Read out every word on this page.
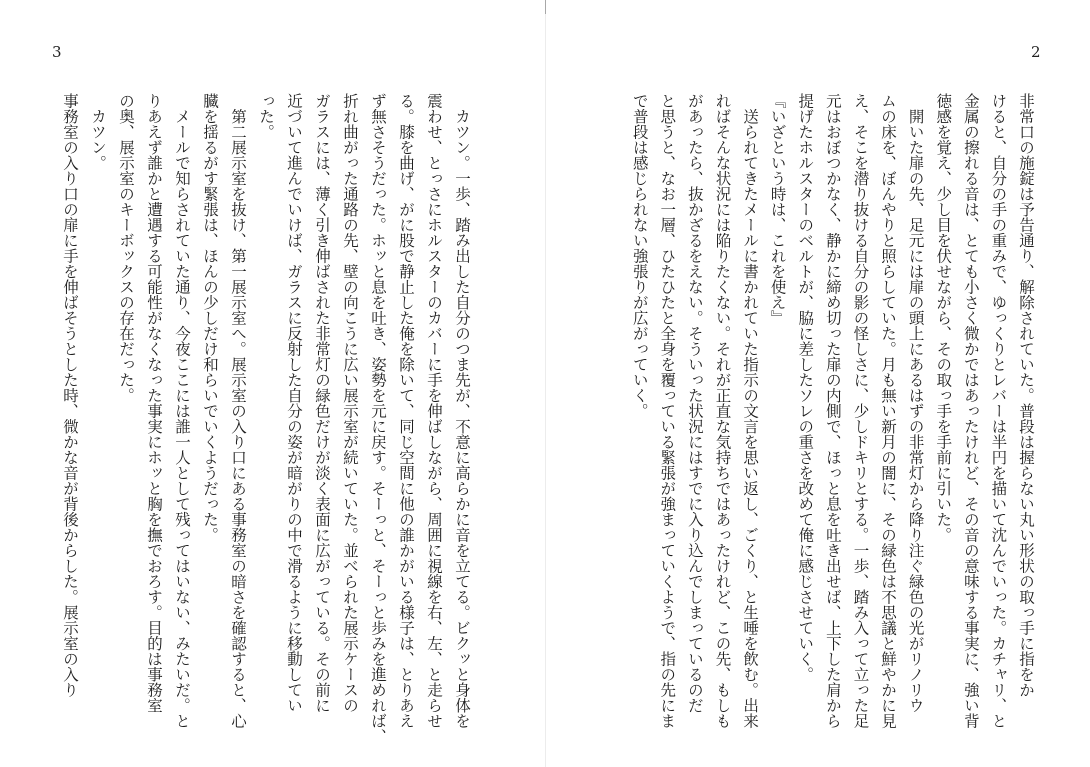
3
　カツン。一歩、踏み出した自分のつま先が、不意に高らかに音を立てる。ビクッと身体を
震わせ、とっさにホルスターのカバーに手を伸ばしながら、周囲に視線を右、左、と走らせ
る。膝を曲げ、がに股で静止した俺を除いて、同じ空間に他の誰かがいる様子は、とりあえ
ず無さそうだった。ホッと息を吐き、姿勢を元に戻す。そーっと、そーっと歩みを進めれば、
折れ曲がった通路の先、壁の向こうに広い展示室が続いていた。並べられた展示ケースの
ガラスには、薄く引き伸ばされた非常灯の緑色だけが淡く表面に広がっている。その前に
近づいて進んでいけば、ガラスに反射した自分の姿が暗がりの中で滑るように移動してい
った。
　第二展示室を抜け、第一展示室へ。展示室の入り口にある事務室の暗さを確認すると、心
臓を揺るがす緊張は、ほんの少しだけ和らいでいくようだった。
　メールで知らされていた通り、今夜ここには誰一人として残ってはいない、みたいだ。と
りあえず誰かと遭遇する可能性がなくなった事実にホッと胸を撫でおろす。目的は事務室
の奥、展示室のキーボックスの存在だった。
　カツン。
事務室の入り口の扉に手を伸ばそうとした時、微かな音が背後からした。展示室の入り
2
非常口の施錠は予告通り、解除されていた。普段は握らない丸い形状の取っ手に指をか
けると、自分の手の重みで、ゆっくりとレバーは半円を描いて沈んでいった。カチャリ、と
金属の擦れる音は、とても小さく微かではあったけれど、その音の意味する事実に、強い背
徳感を覚え、少し目を伏せながら、その取っ手を手前に引いた。
　開いた扉の先、足元には扉の頭上にあるはずの非常灯から降り注ぐ緑色の光がリノリウ
ムの床を、ぼんやりと照らしていた。月も無い新月の闇に、その緑色は不思議と鮮やかに見
え、そこを潜り抜ける自分の影の怪しさに、少しドキリとする。一歩、踏み入って立った足
元はおぼつかなく、静かに締め切った扉の内側で、ほっと息を吐き出せば、上下した肩から
提げたホルスターのベルトが、脇に差したソレの重さを改めて俺に感じさせていく。
『いざという時は、これを使え』
　送られてきたメールに書かれていた指示の文言を思い返し、ごくり、と生唾を飲む。出来
ればそんな状況には陥りたくない。それが正直な気持ちではあったけれど、この先、もしも
があったら、抜かざるをえない。そういった状況にはすでに入り込んでしまっているのだ
と思うと、なお一層、ひたひたと全身を覆っている緊張が強まっていくようで、指の先にま
で普段は感じられない強張りが広がっていく。
